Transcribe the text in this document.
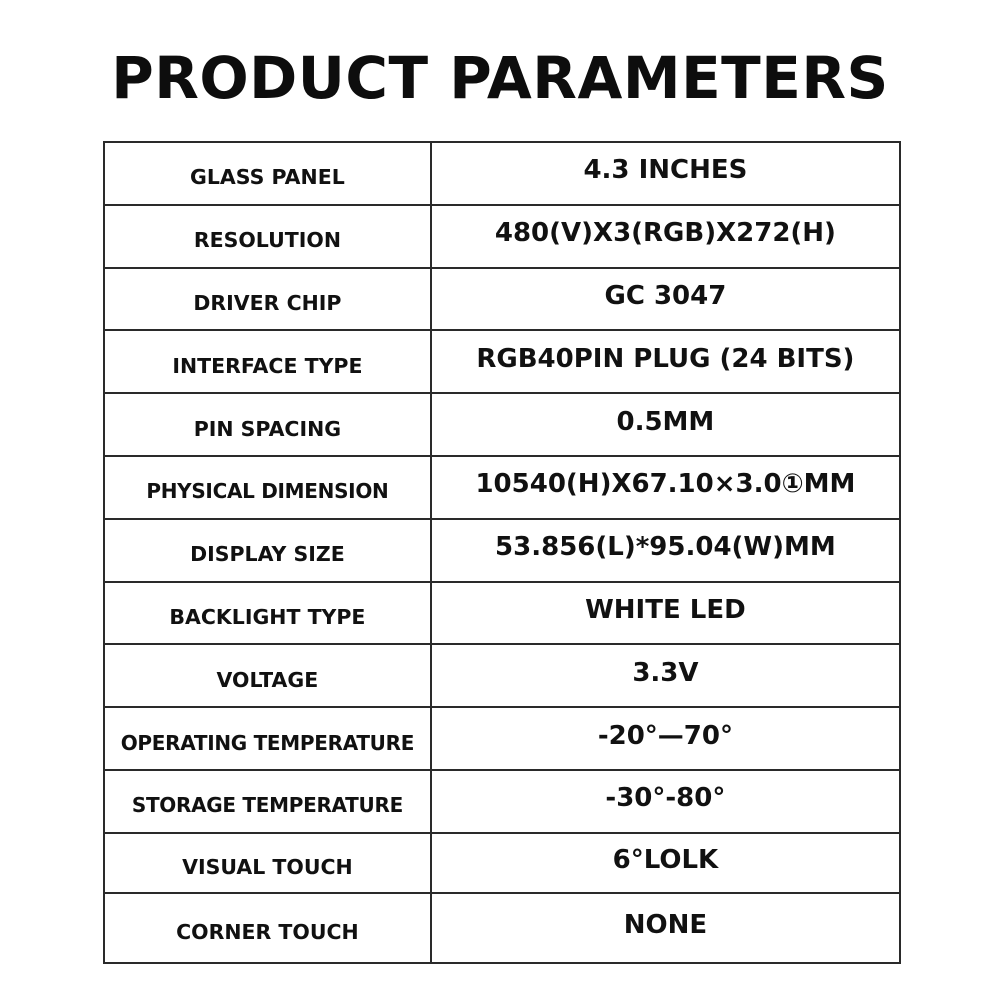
PRODUCT PARAMETERS
GLASS PANEL	4.3 INCHES
RESOLUTION	480(V)X3(RGB)X272(H)
DRIVER CHIP	GC 3047
INTERFACE TYPE	RGB40PIN PLUG (24 BITS)
PIN SPACING	0.5MM
PHYSICAL DIMENSION	10540(H)X67.10×3.0①MM
DISPLAY SIZE	53.856(L)*95.04(W)MM
BACKLIGHT TYPE	WHITE LED
VOLTAGE	3.3V
OPERATING TEMPERATURE	-20°—70°
STORAGE TEMPERATURE	-30°-80°
VISUAL TOUCH	6°LOLK
CORNER TOUCH	NONE
